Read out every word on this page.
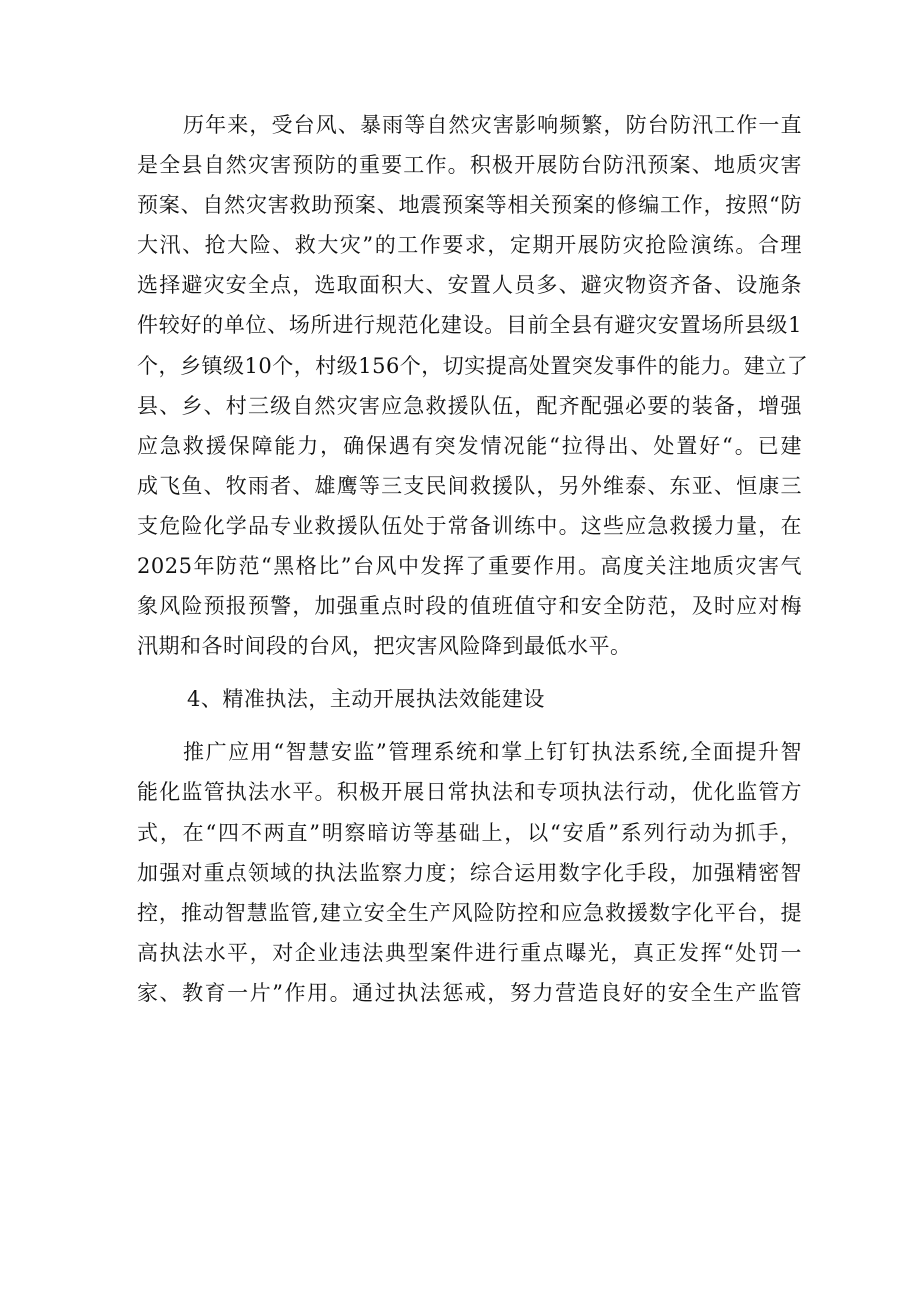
历年来，受台风、暴雨等自然灾害影响频繁，防台防汛工作一直
是全县自然灾害预防的重要工作。积极开展防台防汛预案、地质灾害
预案、自然灾害救助预案、地震预案等相关预案的修编工作，按照“防
大汛、抢大险、救大灾”的工作要求，定期开展防灾抢险演练。合理
选择避灾安全点，选取面积大、安置人员多、避灾物资齐备、设施条
件较好的单位、场所进行规范化建设。目前全县有避灾安置场所县级1
个，乡镇级10个，村级156个，切实提高处置突发事件的能力。建立了
县、乡、村三级自然灾害应急救援队伍，配齐配强必要的装备，增强
应急救援保障能力，确保遇有突发情况能“拉得出、处置好“。已建
成飞鱼、牧雨者、雄鹰等三支民间救援队，另外维泰、东亚、恒康三
支危险化学品专业救援队伍处于常备训练中。这些应急救援力量，在
2025年防范“黑格比”台风中发挥了重要作用。高度关注地质灾害气
象风险预报预警，加强重点时段的值班值守和安全防范，及时应对梅
汛期和各时间段的台风，把灾害风险降到最低水平。
4、精准执法，主动开展执法效能建设
推广应用“智慧安监”管理系统和掌上钉钉执法系统,全面提升智
能化监管执法水平。积极开展日常执法和专项执法行动，优化监管方
式，在“四不两直”明察暗访等基础上，以“安盾”系列行动为抓手，
加强对重点领域的执法监察力度；综合运用数字化手段，加强精密智
控，推动智慧监管,建立安全生产风险防控和应急救援数字化平台，提
高执法水平，对企业违法典型案件进行重点曝光，真正发挥“处罚一
家、教育一片”作用。通过执法惩戒，努力营造良好的安全生产监管
